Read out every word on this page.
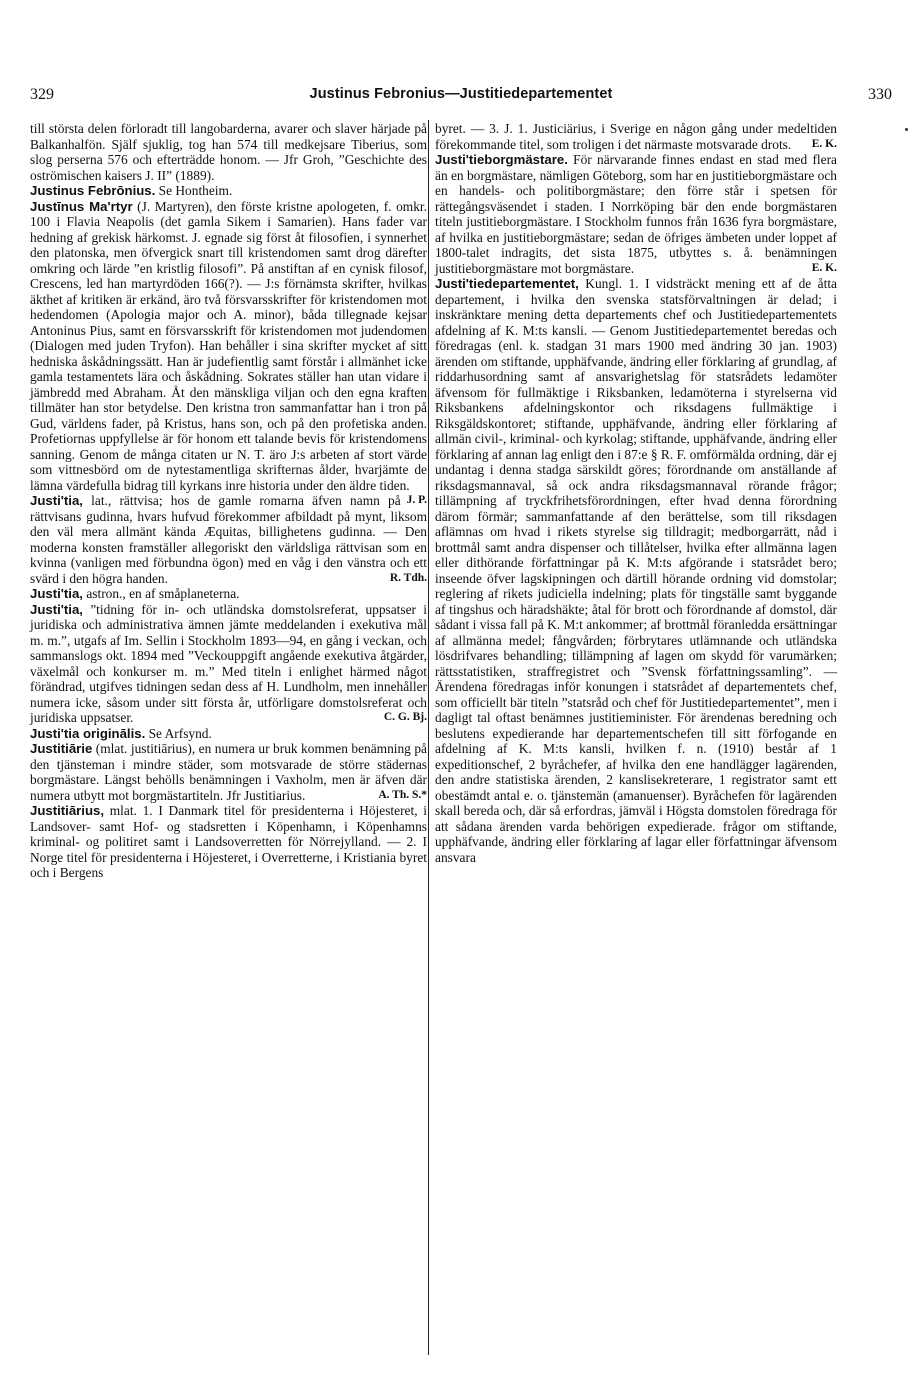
329	Justinus Febronius—Justitiedepartementet	330

till största delen förloradt till langobarderna, avarer och slaver härjade på Balkanhalfön. Själf sjuklig, tog han 574 till medkejsare Tiberius, som slog perserna 576 och efterträdde honom. — Jfr Groh, ”Geschichte des oströmischen kaisers J. II” (1889).

Justinus Febrōnius. Se Hontheim.

Justīnus Ma'rtyr (J. Martyren), den förste kristne apologeten, f. omkr. 100 i Flavia Neapolis (det gamla Sikem i Samarien). Hans fader var hedning af grekisk härkomst. J. egnade sig först åt filosofien, i synnerhet den platonska, men öfvergick snart till kristendomen samt drog därefter omkring och lärde ”en kristlig filosofi”. På anstiftan af en cynisk filosof, Crescens, led han martyrdöden 166(?). — J:s förnämsta skrifter, hvilkas äkthet af kritiken är erkänd, äro två försvarsskrifter för kristendomen mot hedendomen (Apologia major och A. minor), båda tillegnade kejsar Antoninus Pius, samt en försvarsskrift för kristendomen mot judendomen (Dialogen med juden Tryfon). Han behåller i sina skrifter mycket af sitt hedniska åskådningssätt. Han är judefientlig samt förstår i allmänhet icke gamla testamentets lära och åskådning. Sokrates ställer han utan vidare i jämbredd med Abraham. Åt den mänskliga viljan och den egna kraften tillmäter han stor betydelse. Den kristna tron sammanfattar han i tron på Gud, världens fader, på Kristus, hans son, och på den profetiska anden. Profetiornas uppfyllelse är för honom ett talande bevis för kristendomens sanning. Genom de många citaten ur N. T. äro J:s arbeten af stort värde som vittnesbörd om de nytestamentliga skrifternas ålder, hvarjämte de lämna värdefulla bidrag till kyrkans inre historia under den äldre tiden.
J. P.

Justi'tia, lat., rättvisa; hos de gamle romarna äfven namn på rättvisans gudinna, hvars hufvud förekommer afbildadt på mynt, liksom den väl mera allmänt kända Æquitas, billighetens gudinna. — Den moderna konsten framställer allegoriskt den världsliga rättvisan som en kvinna (vanligen med förbundna ögon) med en våg i den vänstra och ett svärd i den högra handen.	R. Tdh.

Justi'tia, astron., en af småplaneterna.

Justi'tia, ”tidning för in- och utländska domstolsreferat, uppsatser i juridiska och administrativa ämnen jämte meddelanden i exekutiva mål m. m.”, utgafs af Im. Sellin i Stockholm 1893—94, en gång i veckan, och sammanslogs okt. 1894 med ”Veckouppgift angående exekutiva åtgärder, växelmål och konkurser m. m.” Med titeln i enlighet härmed något förändrad, utgifves tidningen sedan dess af H. Lundholm, men innehåller numera icke, såsom under sitt första år, utförligare domstolsreferat och juridiska uppsatser.	C. G. Bj.

Justi'tia originālis. Se Arfsynd.

Justitiārie (mlat. justitiārius), en numera ur bruk kommen benämning på den tjänsteman i mindre städer, som motsvarade de större städernas borgmästare. Längst behölls benämningen i Vaxholm, men är äfven där numera utbytt mot borgmästartiteln. Jfr Justitiarius.	A. Th. S.*

Justitiārius, mlat. 1. I Danmark titel för presidenterna i Höjesteret, i Landsover- samt Hof- og stadsretten i Köpenhamn, i Köpenhamns kriminal- og politiret samt i Landsoverretten för Nörrejylland. — 2. I Norge titel för presidenterna i Höjesteret, i Overretterne, i Kristiania byret och i Bergens

byret. — 3. J. 1. Justiciärius, i Sverige en någon gång under medeltiden förekommande titel, som troligen i det närmaste motsvarade drots. E. K.

Justi'tieborgmästare. För närvarande finnes endast en stad med flera än en borgmästare, nämligen Göteborg, som har en justitieborgmästare och en handels- och politiborgmästare; den förre står i spetsen för rättegångsväsendet i staden. I Norrköping bär den ende borgmästaren titeln justitieborgmästare. I Stockholm funnos från 1636 fyra borgmästare, af hvilka en justitieborgmästare; sedan de öfriges ämbeten under loppet af 1800-talet indragits, det sista 1875, utbyttes s. å. benämningen justitieborgmästare mot borgmästare.	E. K.

Justi'tiedepartementet, Kungl. 1. I vidsträckt mening ett af de åtta departement, i hvilka den svenska statsförvaltningen är delad; i inskränktare mening detta departements chef och Justitiedepartementets afdelning af K. M:ts kansli. — Genom Justitiedepartementet beredas och föredragas (enl. k. stadgan 31 mars 1900 med ändring 30 jan. 1903) ärenden om stiftande, upphäfvande, ändring eller förklaring af grundlag, af riddarhusordning samt af ansvarighetslag för statsrådets ledamöter äfvensom för fullmäktige i Riksbanken, ledamöterna i styrelserna vid Riksbankens afdelningskontor och riksdagens fullmäktige i Riksgäldskontoret; stiftande, upphäfvande, ändring eller förklaring af allmän civil-, kriminal- och kyrkolag; stiftande, upphäfvande, ändring eller förklaring af annan lag enligt den i 87:e § R. F. omförmälda ordning, där ej undantag i denna stadga särskildt göres; förordnande om anställande af riksdagsmannaval, så ock andra riksdagsmannaval rörande frågor; tillämpning af tryckfrihetsförordningen, efter hvad denna förordning därom förmär; sammanfattande af den berättelse, som till riksdagen aflämnas om hvad i rikets styrelse sig tilldragit; medborgarrätt, nåd i brottmål samt andra dispenser och tillåtelser, hvilka efter allmänna lagen eller dithörande författningar på K. M:ts afgörande i statsrådet bero; inseende öfver lagskipningen och därtill hörande ordning vid domstolar; reglering af rikets judiciella indelning; plats för tingställe samt byggande af tingshus och häradshäkte; åtal för brott och förordnande af domstol, där sådant i vissa fall på K. M:t ankommer; af brottmål föranledda ersättningar af allmänna medel; fångvården; förbrytares utlämnande och utländska lösdrifvares behandling; tillämpning af lagen om skydd för varumärken; rättsstatistiken, straffregistret och ”Svensk författningssamling”. — Ärendena föredragas inför konungen i statsrådet af departementets chef, som officiellt bär titeln ”statsråd och chef för Justitiedepartementet”, men i dagligt tal oftast benämnes justitieminister. För ärendenas beredning och beslutens expedierande har departementschefen till sitt förfogande en afdelning af K. M:ts kansli, hvilken f. n. (1910) består af 1 expeditionschef, 2 byråchefer, af hvilka den ene handlägger lagärenden, den andre statistiska ärenden, 2 kanslisekreterare, 1 registrator samt ett obestämdt antal e. o. tjänstemän (amanuenser). Byråchefen för lagärenden skall bereda och, där så erfordras, jämväl i Högsta domstolen föredraga för att sådana ärenden varda behörigen expedierade. frågor om stiftande, upphäfvande, ändring eller förklaring af lagar eller författningar äfvensom ansvara
